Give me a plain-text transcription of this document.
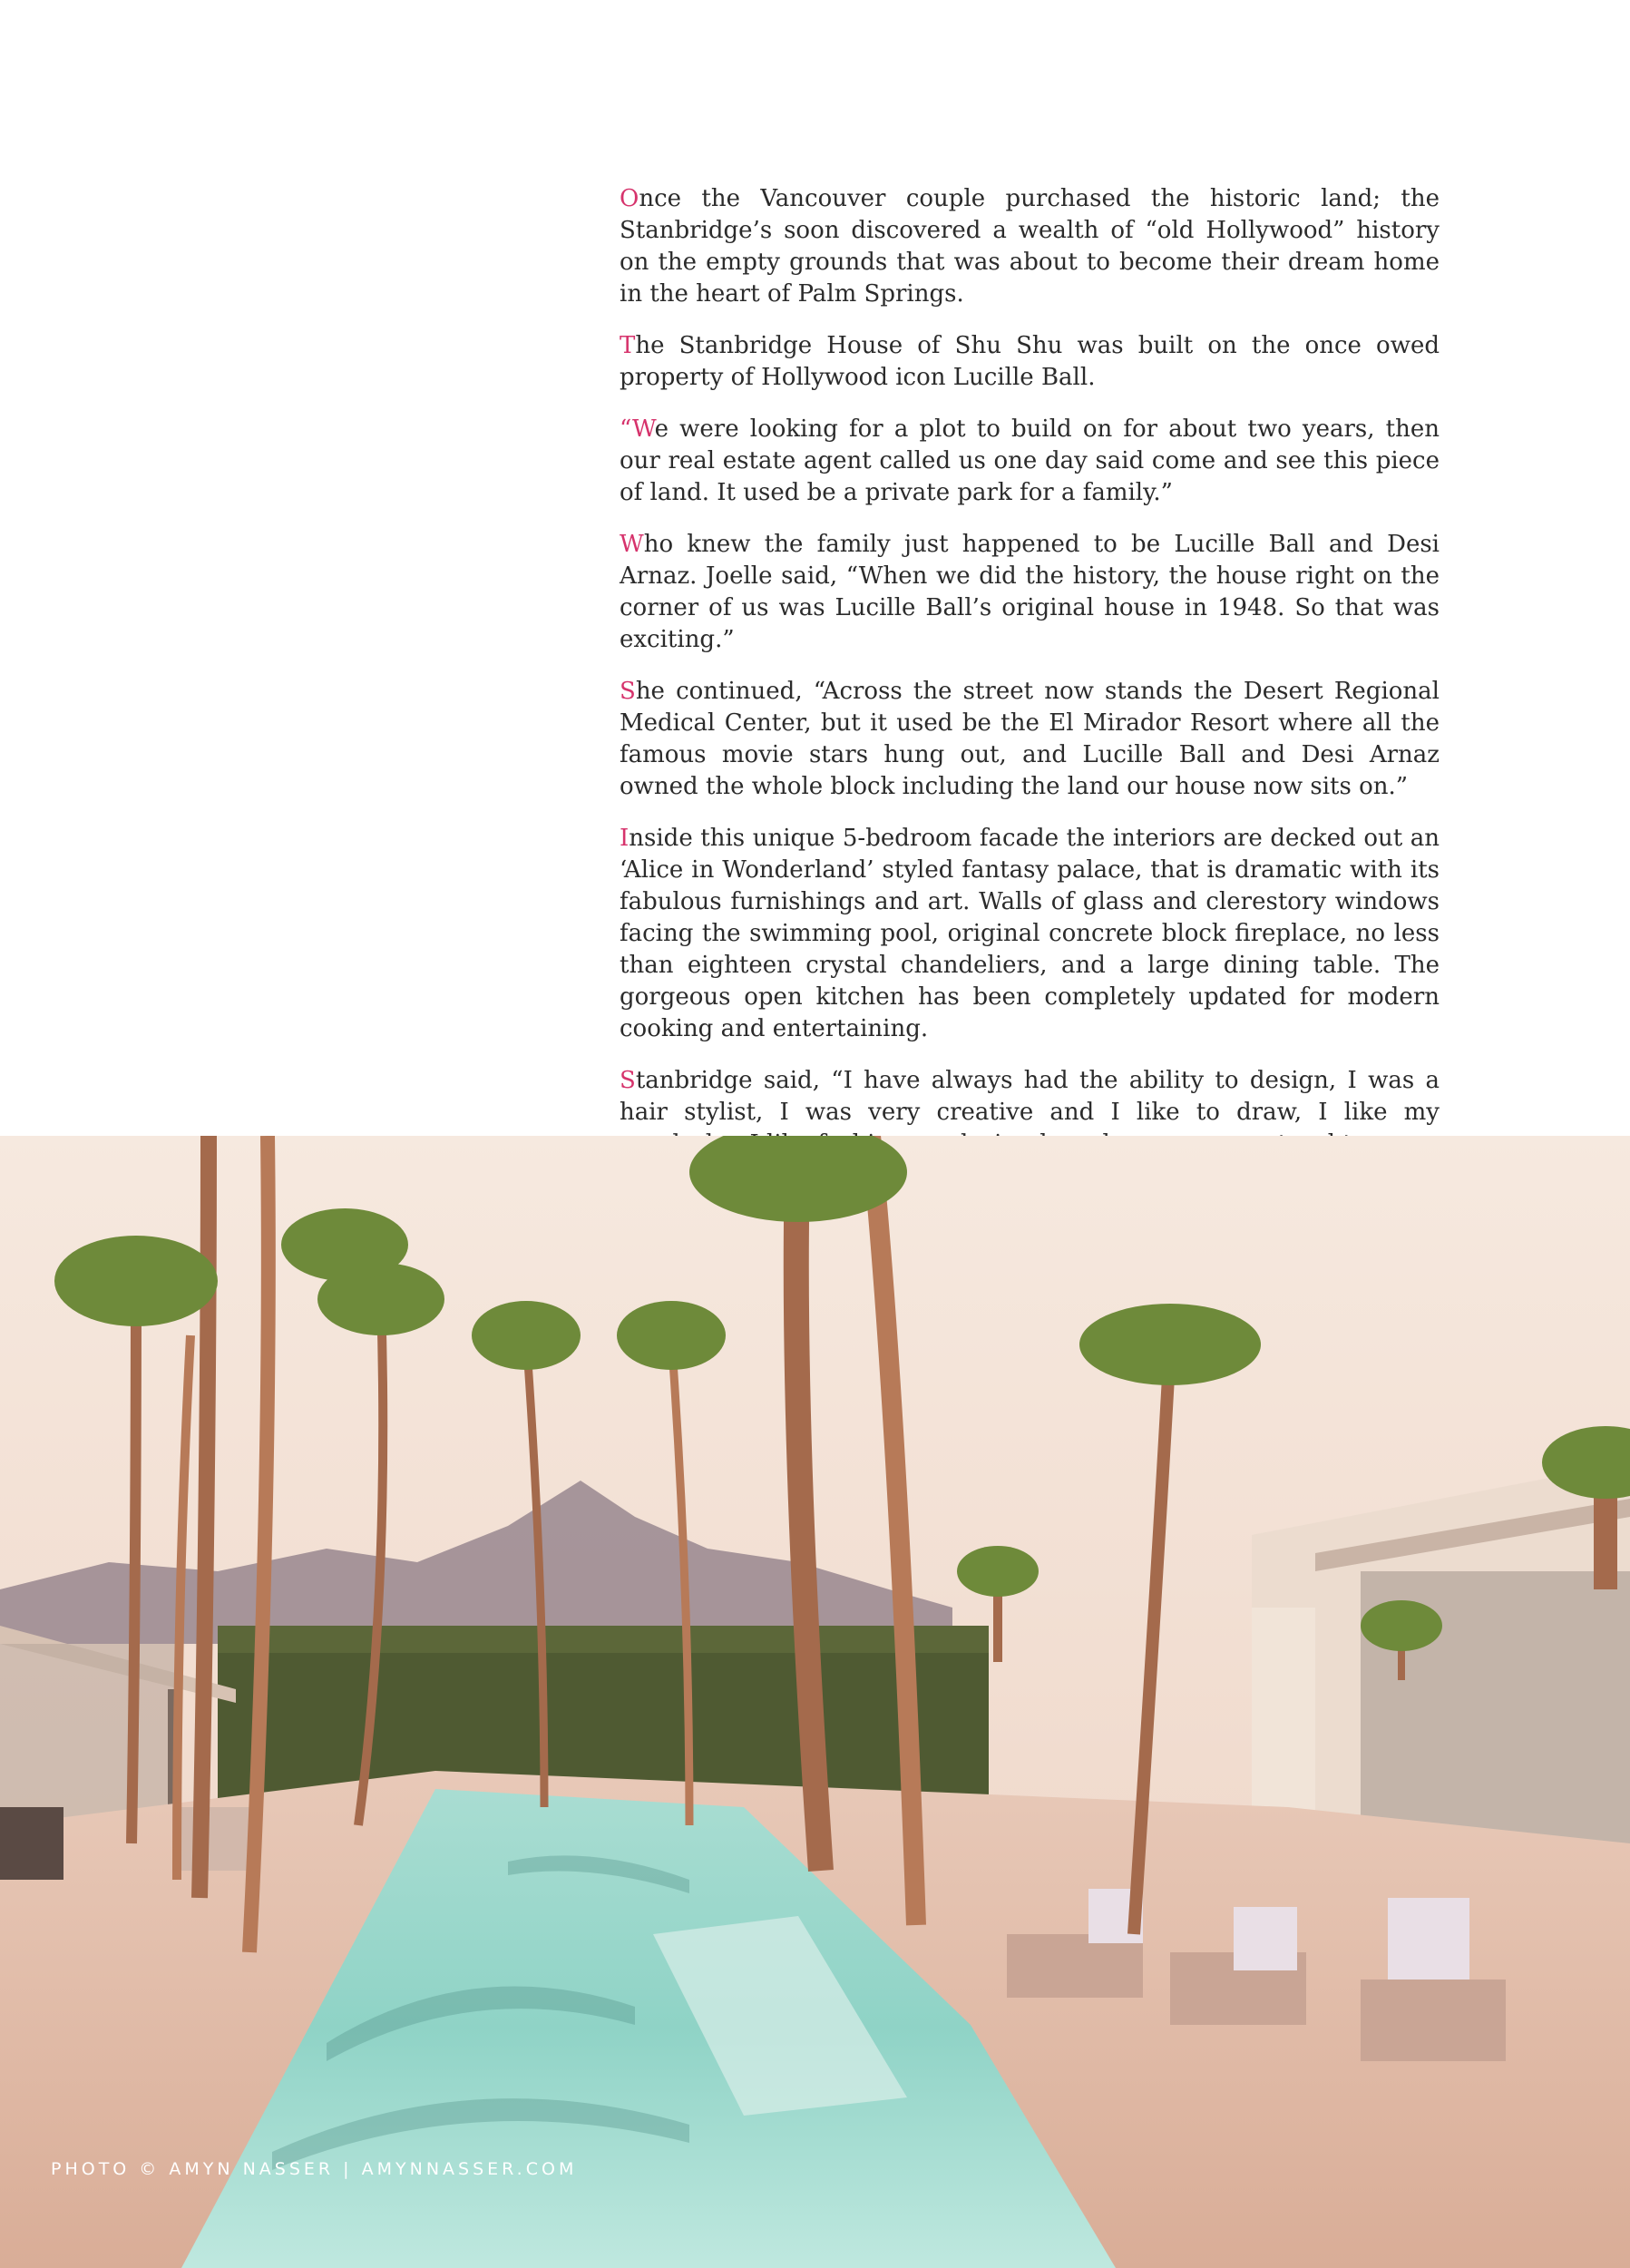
Once the Vancouver couple purchased the historic land; the Stanbridge’s soon discovered a wealth of “old Hollywood” history on the empty grounds that was about to become their dream home in the heart of Palm Springs.

The Stanbridge House of Shu Shu was built on the once owed property of Hollywood icon Lucille Ball.

“We were looking for a plot to build on for about two years, then our real estate agent called us one day said come and see this piece of land. It used be a private park for a family.”

Who knew the family just happened to be Lucille Ball and Desi Arnaz. Joelle said, “When we did the history, the house right on the corner of us was Lucille Ball’s original house in 1948. So that was exciting.”

She continued, “Across the street now stands the Desert Regional Medical Center, but it used be the El Mirador Resort where all the famous movie stars hung out, and Lucille Ball and Desi Arnaz owned the whole block including the land our house now sits on.”

Inside this unique 5-bedroom facade the interiors are decked out an ‘Alice in Wonderland’ styled fantasy palace, that is dramatic with its fabulous furnishings and art. Walls of glass and clerestory windows facing the swimming pool, original concrete block fireplace, no less than eighteen crystal chandeliers, and a large dining table. The gorgeous open kitchen has been completely updated for modern cooking and entertaining.

Stanbridge said, “I have always had the ability to design, I was a hair stylist, I was very creative and I like to draw, I like my

PHOTO © AMYN NASSER | AMYNNASSER.COM
